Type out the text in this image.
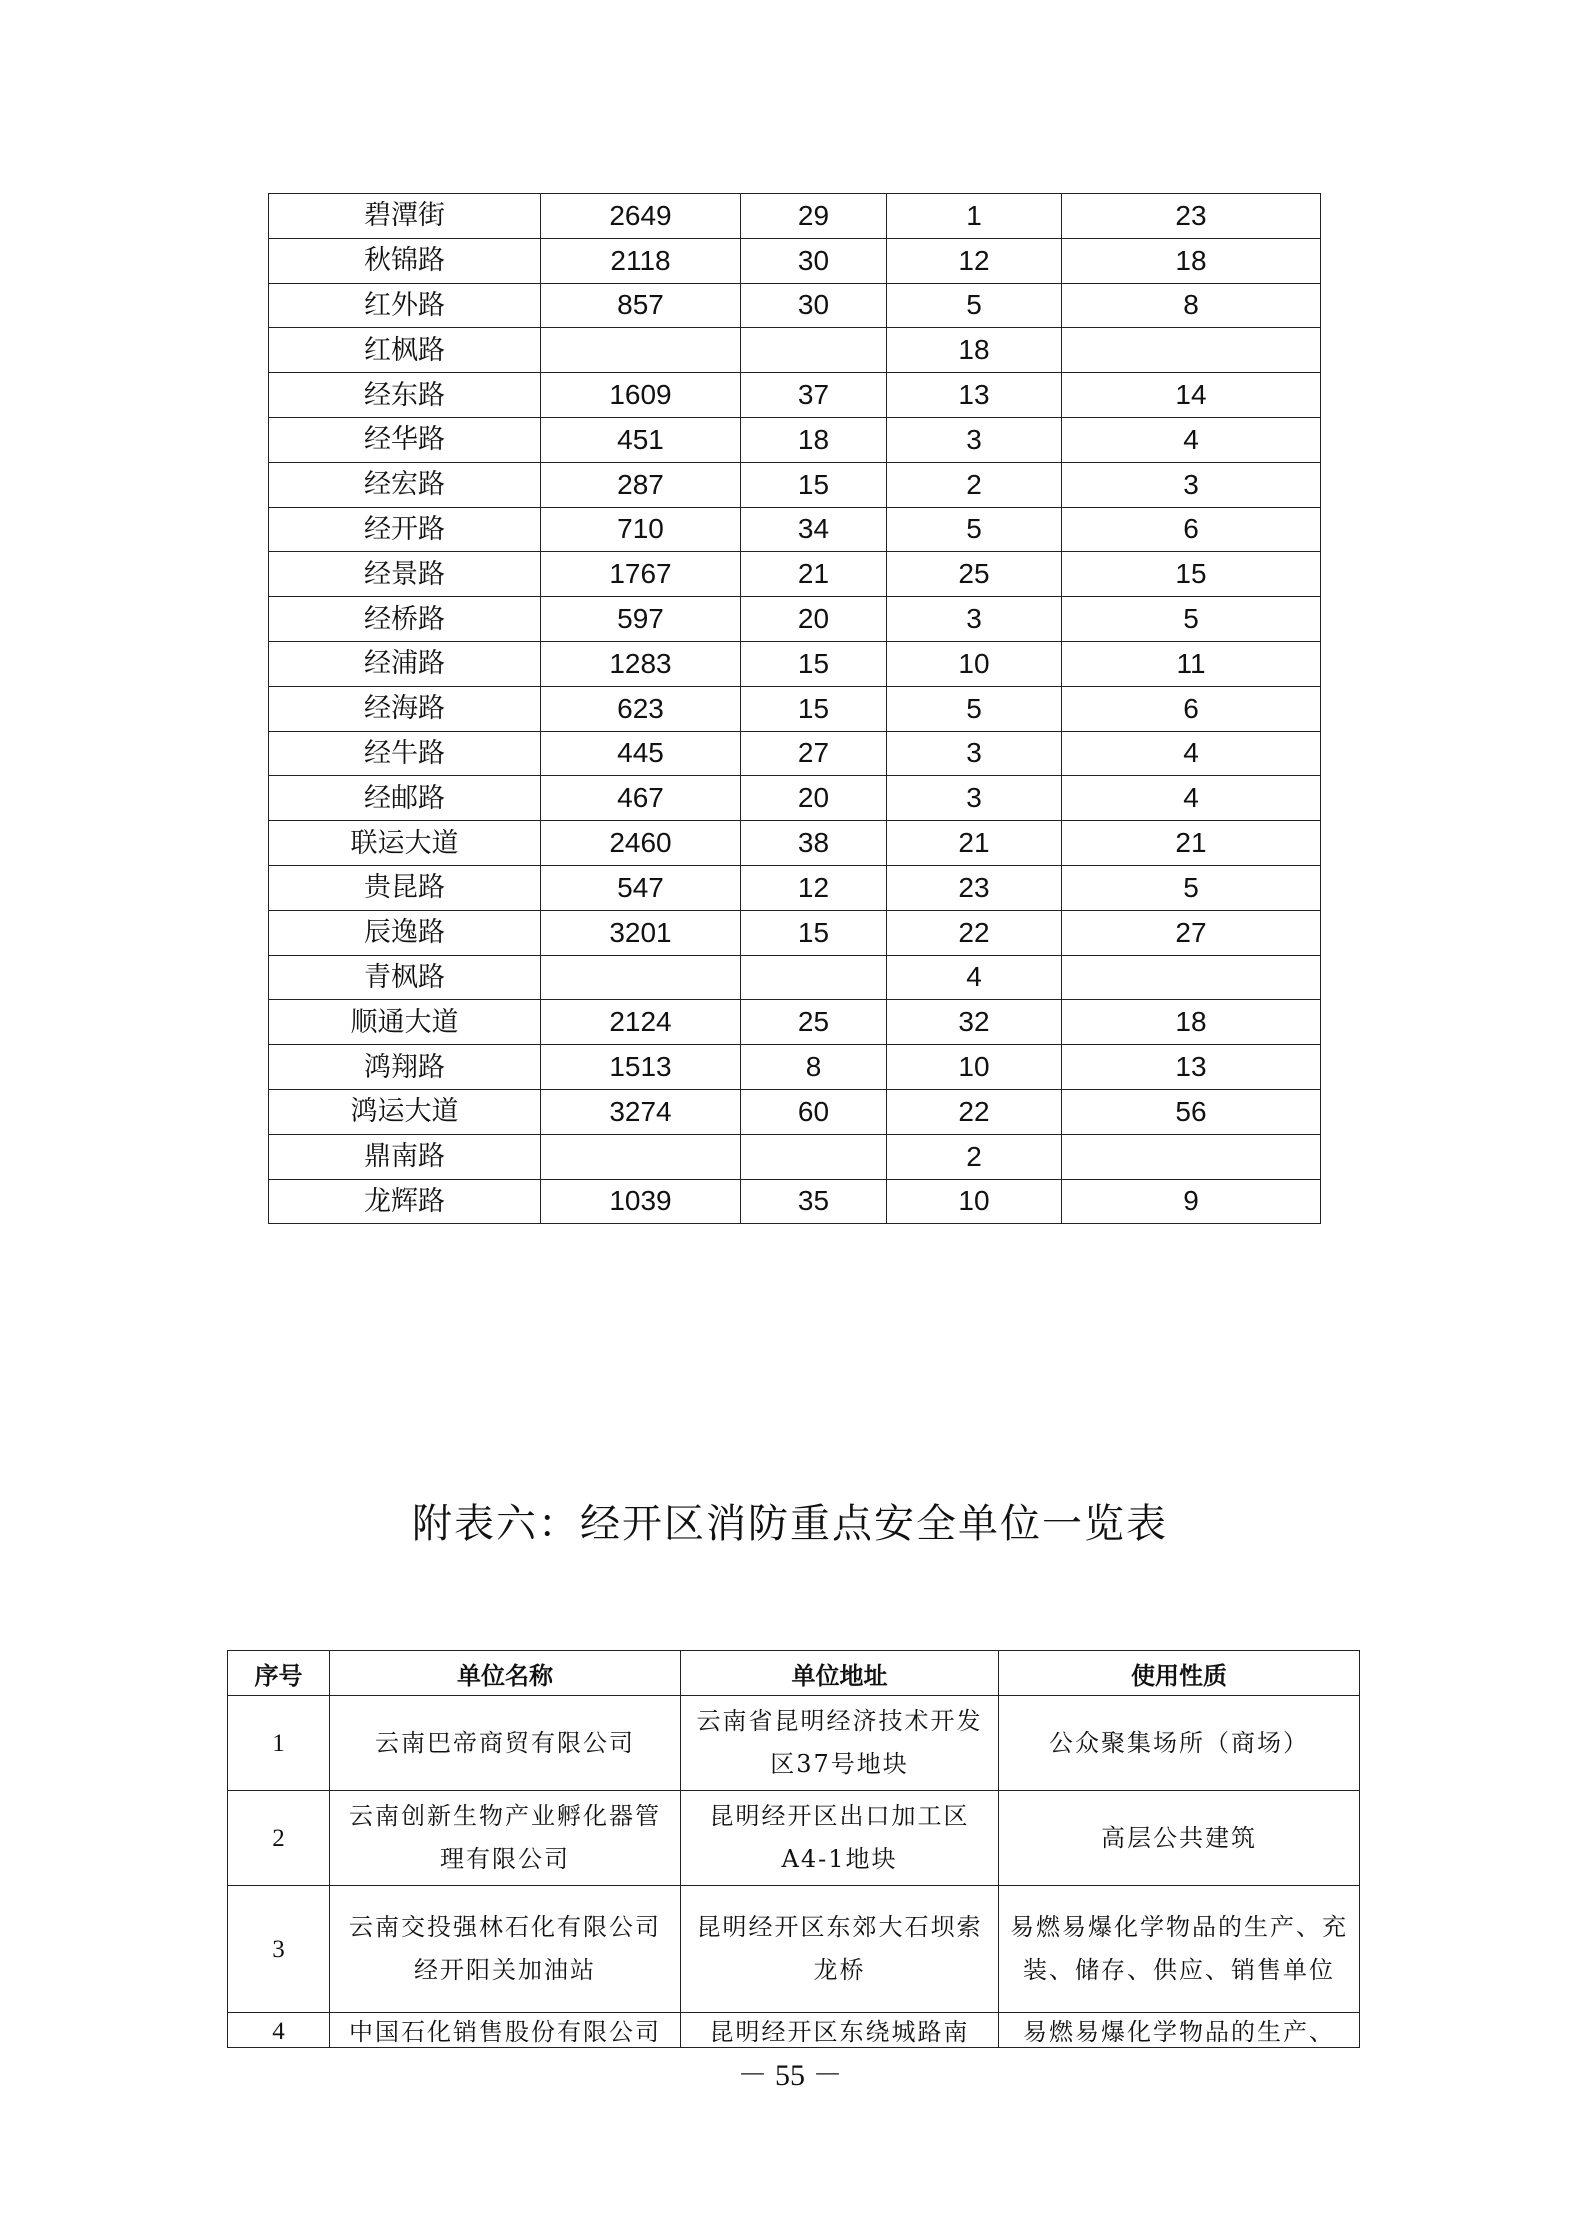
碧潭街	2649	29	1	23
秋锦路	2118	30	12	18
红外路	857	30	5	8
红枫路			18	
经东路	1609	37	13	14
经华路	451	18	3	4
经宏路	287	15	2	3
经开路	710	34	5	6
经景路	1767	21	25	15
经桥路	597	20	3	5
经浦路	1283	15	10	11
经海路	623	15	5	6
经牛路	445	27	3	4
经邮路	467	20	3	4
联运大道	2460	38	21	21
贵昆路	547	12	23	5
辰逸路	3201	15	22	27
青枫路			4	
顺通大道	2124	25	32	18
鸿翔路	1513	8	10	13
鸿运大道	3274	60	22	56
鼎南路			2	
龙辉路	1039	35	10	9
附表六：经开区消防重点安全单位一览表
序号	单位名称	单位地址	使用性质
1	云南巴帝商贸有限公司	云南省昆明经济技术开发区37号地块	公众聚集场所（商场）
2	云南创新生物产业孵化器管理有限公司	昆明经开区出口加工区A4-1地块	高层公共建筑
3	云南交投强林石化有限公司经开阳关加油站	昆明经开区东郊大石坝索龙桥	易燃易爆化学物品的生产、充装、储存、供应、销售单位
4	中国石化销售股份有限公司	昆明经开区东绕城路南	易燃易爆化学物品的生产、
－ 55 －
